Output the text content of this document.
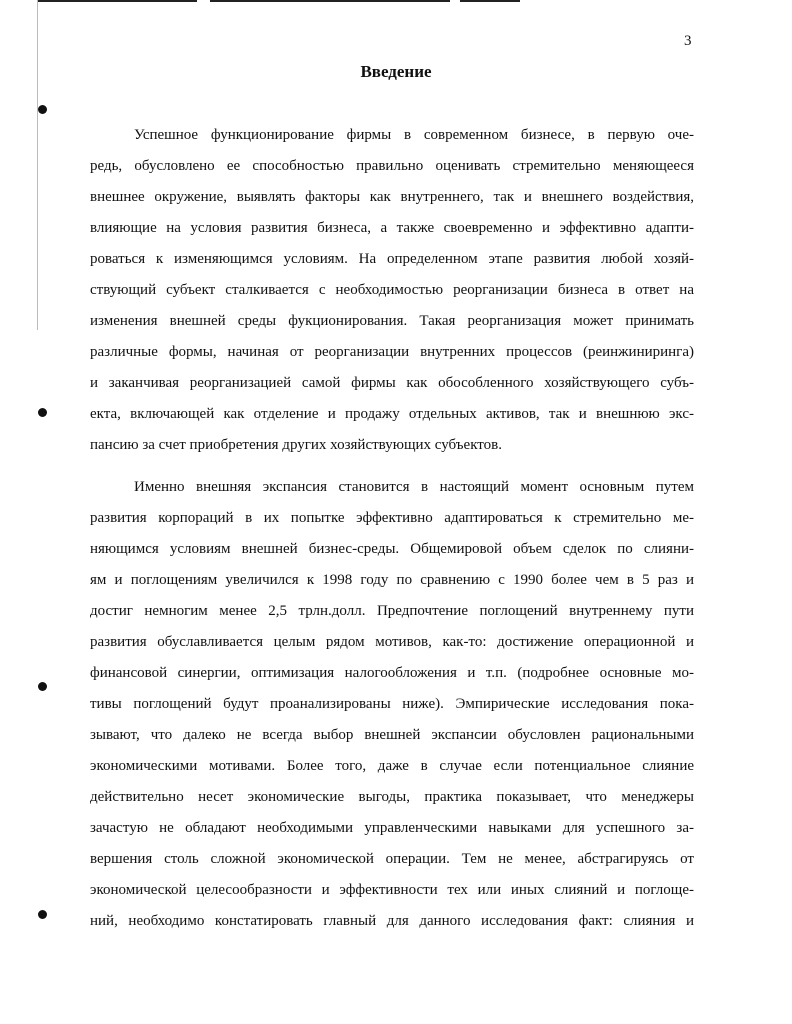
3
Введение
Успешное функционирование фирмы в современном бизнесе, в первую оче-
редь, обусловлено ее способностью правильно оценивать стремительно меняющееся
внешнее окружение, выявлять факторы как внутреннего, так и внешнего воздействия,
влияющие на условия развития бизнеса, а также своевременно и эффективно адапти-
роваться к изменяющимся условиям. На определенном этапе развития любой хозяй-
ствующий субъект сталкивается с необходимостью реорганизации бизнеса в ответ на
изменения внешней среды фукционирования. Такая реорганизация может принимать
различные формы, начиная от реорганизации внутренних процессов (реинжиниринга)
и заканчивая реорганизацией самой фирмы как обособленного хозяйствующего субъ-
екта, включающей как отделение и продажу отдельных активов, так и внешнюю экс-
пансию за счет приобретения других хозяйствующих субъектов.
Именно внешняя экспансия становится в настоящий момент основным путем
развития корпораций в их попытке эффективно адаптироваться к стремительно ме-
няющимся условиям внешней бизнес-среды. Общемировой объем сделок по слияни-
ям и поглощениям увеличился к 1998 году по сравнению с 1990 более чем в 5 раз и
достиг немногим менее 2,5 трлн.долл. Предпочтение поглощений внутреннему пути
развития обуславливается целым рядом мотивов, как-то: достижение операционной и
финансовой синергии, оптимизация налогообложения и т.п. (подробнее основные мо-
тивы поглощений будут проанализированы ниже). Эмпирические исследования пока-
зывают, что далеко не всегда выбор внешней экспансии обусловлен рациональными
экономическими мотивами. Более того, даже в случае если потенциальное слияние
действительно несет экономические выгоды, практика показывает, что менеджеры
зачастую не обладают необходимыми управленческими навыками для успешного за-
вершения столь сложной экономической операции. Тем не менее, абстрагируясь от
экономической целесообразности и эффективности тех или иных слияний и поглоще-
ний, необходимо констатировать главный для данного исследования факт: слияния и
